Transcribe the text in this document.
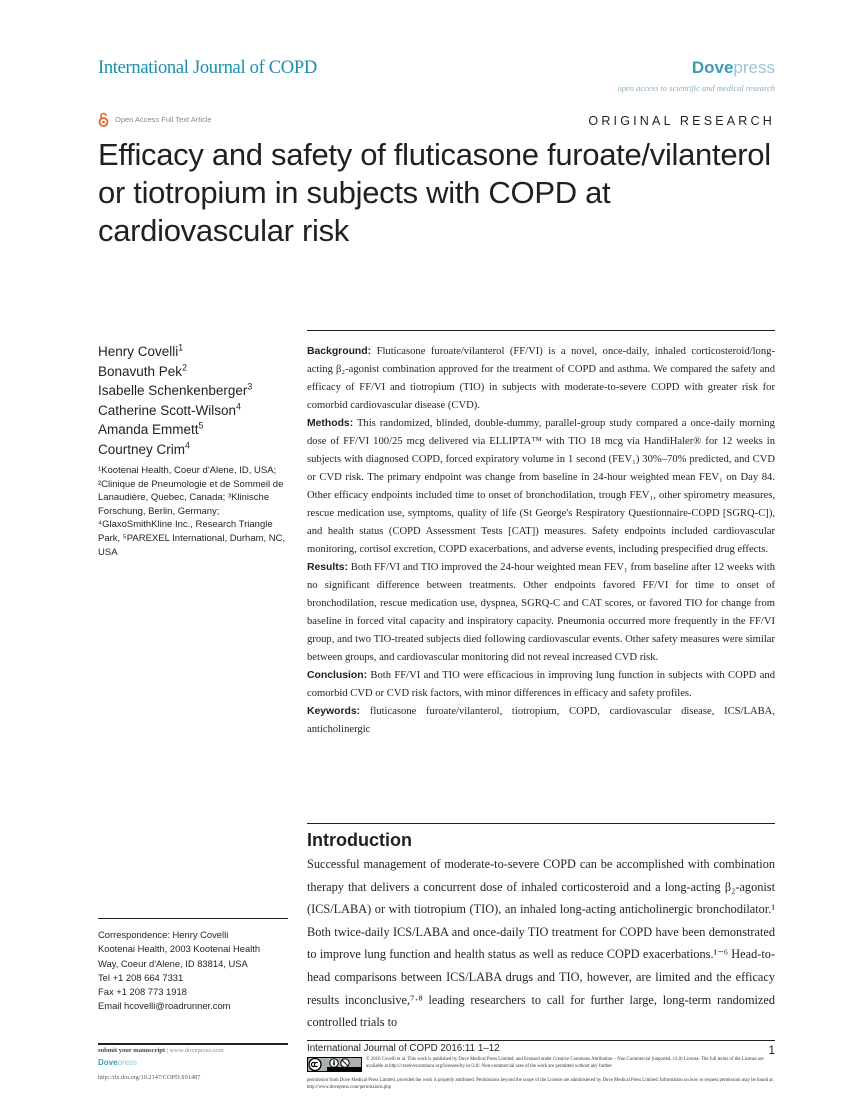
International Journal of COPD	Dovepress
open access to scientific and medical research
Open Access Full Text Article	ORIGINAL RESEARCH
Efficacy and safety of fluticasone furoate/vilanterol or tiotropium in subjects with COPD at cardiovascular risk
Henry Covelli$^1$
Bonavuth Pek$^2$
Isabelle Schenkenberger$^3$
Catherine Scott-Wilson$^4$
Amanda Emmett$^5$
Courtney Crim$^4$
¹Kootenai Health, Coeur d'Alene, ID, USA; ²Clinique de Pneumologie et de Sommeil de Lanaudière, Quebec, Canada; ³Klinische Forschung, Berlin, Germany; ⁴GlaxoSmithKline Inc., Research Triangle Park, ⁵PAREXEL International, Durham, NC, USA

Background: Fluticasone furoate/vilanterol (FF/VI) is a novel, once-daily, inhaled corticosteroid/long-acting β₂-agonist combination approved for the treatment of COPD and asthma. We compared the safety and efficacy of FF/VI and tiotropium (TIO) in subjects with moderate-to-severe COPD with greater risk for comorbid cardiovascular disease (CVD).

Methods: This randomized, blinded, double-dummy, parallel-group study compared a once-daily morning dose of FF/VI 100/25 mcg delivered via ELLIPTA™ with TIO 18 mcg via HandiHaler® for 12 weeks in subjects with diagnosed COPD, forced expiratory volume in 1 second (FEV₁) 30%–70% predicted, and CVD or CVD risk. The primary endpoint was change from baseline in 24-hour weighted mean FEV₁ on Day 84. Other efficacy endpoints included time to onset of bronchodilation, trough FEV₁, other spirometry measures, rescue medication use, symptoms, quality of life (St George's Respiratory Questionnaire-COPD [SGRQ-C]), and health status (COPD Assessment Tests [CAT]) measures. Safety endpoints included cardiovascular monitoring, cortisol excretion, COPD exacerbations, and adverse events, including prespecified drug effects.

Results: Both FF/VI and TIO improved the 24-hour weighted mean FEV₁ from baseline after 12 weeks with no significant difference between treatments. Other endpoints favored FF/VI for time to onset of bronchodilation, rescue medication use, dyspnea, SGRQ-C and CAT scores, or favored TIO for change from baseline in forced vital capacity and inspiratory capacity. Pneumonia occurred more frequently in the FF/VI group, and two TIO-treated subjects died following cardiovascular events. Other safety measures were similar between groups, and cardiovascular monitoring did not reveal increased CVD risk.

Conclusion: Both FF/VI and TIO were efficacious in improving lung function in subjects with COPD and comorbid CVD or CVD risk factors, with minor differences in efficacy and safety profiles.

Keywords: fluticasone furoate/vilanterol, tiotropium, COPD, cardiovascular disease, ICS/LABA, anticholinergic

Introduction

Successful management of moderate-to-severe COPD can be accomplished with combination therapy that delivers a concurrent dose of inhaled corticosteroid and a long-acting β₂-agonist (ICS/LABA) or with tiotropium (TIO), an inhaled long-acting anticholinergic bronchodilator.¹ Both twice-daily ICS/LABA and once-daily TIO treatment for COPD have been demonstrated to improve lung function and health status as well as reduce COPD exacerbations.¹⁻⁶ Head-to-head comparisons between ICS/LABA drugs and TIO, however, are limited and the efficacy results inconclusive,⁷·⁸ leading researchers to call for further large, long-term randomized controlled trials to

Correspondence: Henry Covelli
Kootenai Health, 2003 Kootenai Health
Way, Coeur d'Alene, ID 83814, USA
Tel +1 208 664 7331
Fax +1 208 773 1918
Email hcovelli@roadrunner.com
submit your manuscript | www.dovepress.com
Dovepress
http://dx.doi.org/10.2147/COPD.S91487
International Journal of COPD 2016:11 1–12	1
© 2016 Covelli et al. This work is published by Dove Medical Press Limited, and licensed under Creative Commons Attribution – Non Commercial (unported, v3.0) License. The full terms of the License are available at http://creativecommons.org/licenses/by-nc/3.0/. Non-commercial uses of the work are permitted without any further
permission from Dove Medical Press Limited, provided the work is properly attributed. Permissions beyond the scope of the License are administered by Dove Medical Press Limited. Information on how to request permission may be found at: http://www.dovepress.com/permissions.php
